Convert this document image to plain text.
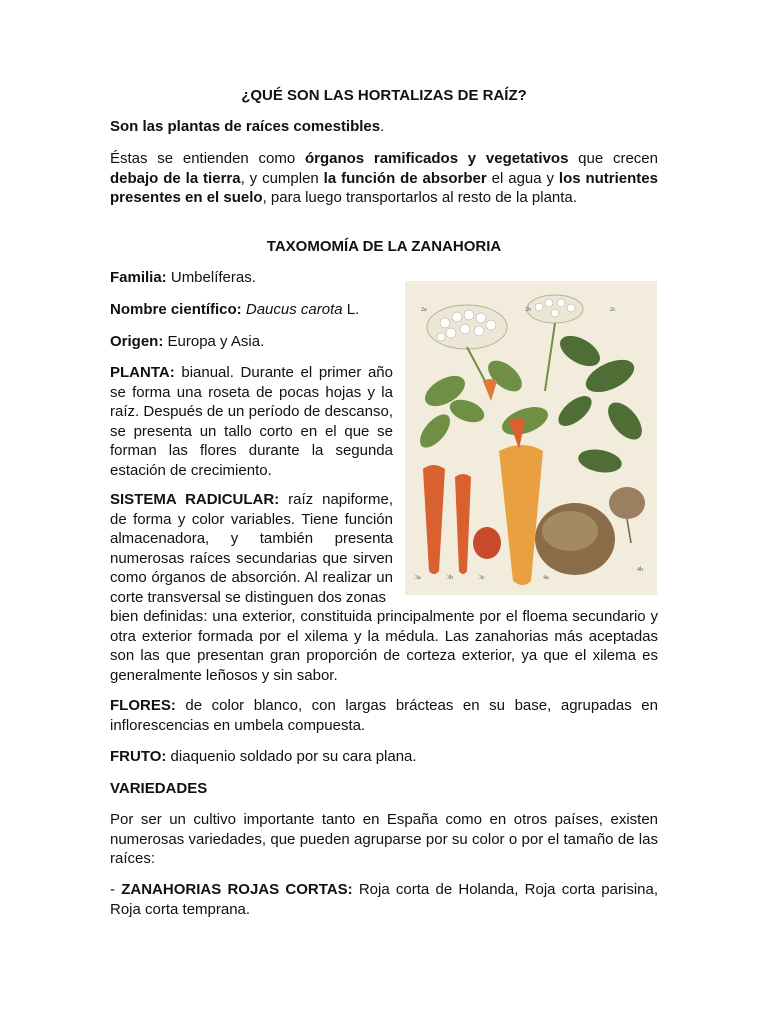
¿QUÉ SON LAS HORTALIZAS DE RAÍZ?
Son las plantas de raíces comestibles.
Éstas se entienden como órganos ramificados y vegetativos que crecen debajo de la tierra, y cumplen la función de absorber el agua y los nutrientes presentes en el suelo, para luego transportarlos al resto de la planta.
TAXOMOMÍA DE LA ZANAHORIA
Familia: Umbelíferas.
Nombre científico: Daucus carota L.
Origen: Europa y Asia.
PLANTA: bianual. Durante el primer año se forma una roseta de pocas hojas y la raíz. Después de un período de descanso, se presenta un tallo corto en el que se forman las flores durante la segunda estación de crecimiento.
SISTEMA RADICULAR: raíz napiforme, de forma y color variables. Tiene función almacenadora, y también presenta numerosas raíces secundarias que sirven como órganos de absorción. Al realizar un corte transversal se distinguen dos zonas
bien definidas: una exterior, constituida principalmente por el floema secundario y otra exterior formada por el xilema y la médula. Las zanahorias más aceptadas son las que presentan gran proporción de corteza exterior, ya que el xilema es generalmente leñosos y sin sabor.
FLORES: de color blanco, con largas brácteas en su base, agrupadas en inflorescencias en umbela compuesta.
FRUTO: diaquenio soldado por su cara plana.
VARIEDADES
Por ser un cultivo importante tanto en España como en otros países, existen numerosas variedades, que pueden agruparse por su color o por el tamaño de las raíces:
- ZANAHORIAS ROJAS CORTAS: Roja corta de Holanda, Roja corta parisina, Roja corta temprana.
2a	2b	2c
3a	3b	3c	4a
4b
